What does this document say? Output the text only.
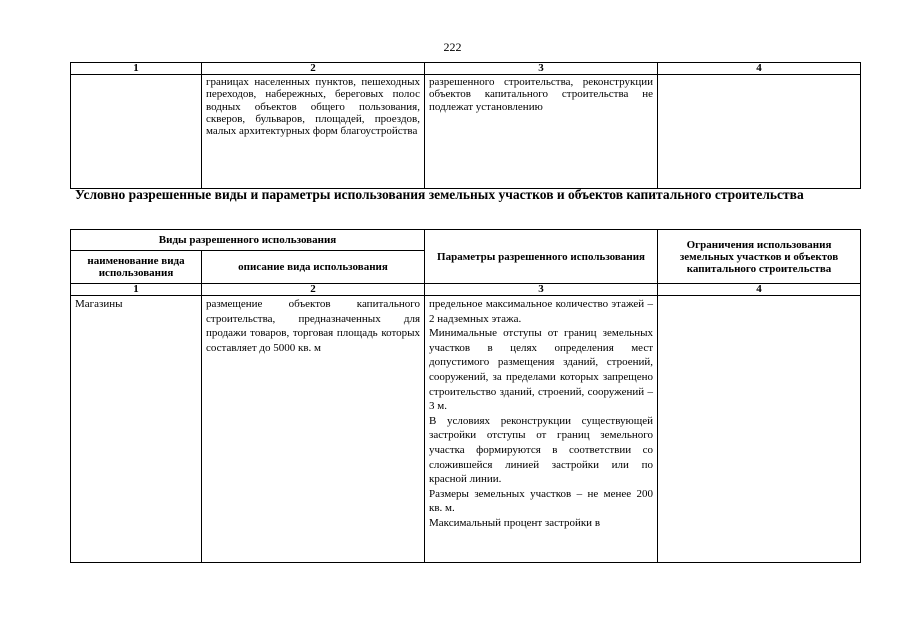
222
1	2	3	4
	границах населенных пунктов, пешеходных переходов, набережных, береговых полос водных объектов общего пользования, скверов, бульваров, площадей, проездов, малых архитектурных форм благоустройства	разрешенного строительства, реконструкции объектов капитального строительства не подлежат установлению	
Условно разрешенные виды и параметры использования земельных участков и объектов капитального строительства
Виды разрешенного использования		Параметры разрешенного использования	Ограничения использования земельных участков и объектов капитального строительства
наименование вида использования	описание вида использования		
1	2	3	4
Магазины	размещение объектов капитального строительства, предназначенных для продажи товаров, торговая площадь которых составляет до 5000 кв. м	предельное максимальное количество этажей – 2 надземных этажа.

Минимальные отступы от границ земельных участков в целях определения мест допустимого размещения зданий, строений, сооружений, за пределами которых запрещено строительство зданий, строений, сооружений – 3 м.

В условиях реконструкции существующей застройки отступы от границ земельного участка формируются в соответствии со сложившейся линией застройки или по красной линии.

Размеры земельных участков – не менее 200 кв. м.

Максимальный процент застройки в	
